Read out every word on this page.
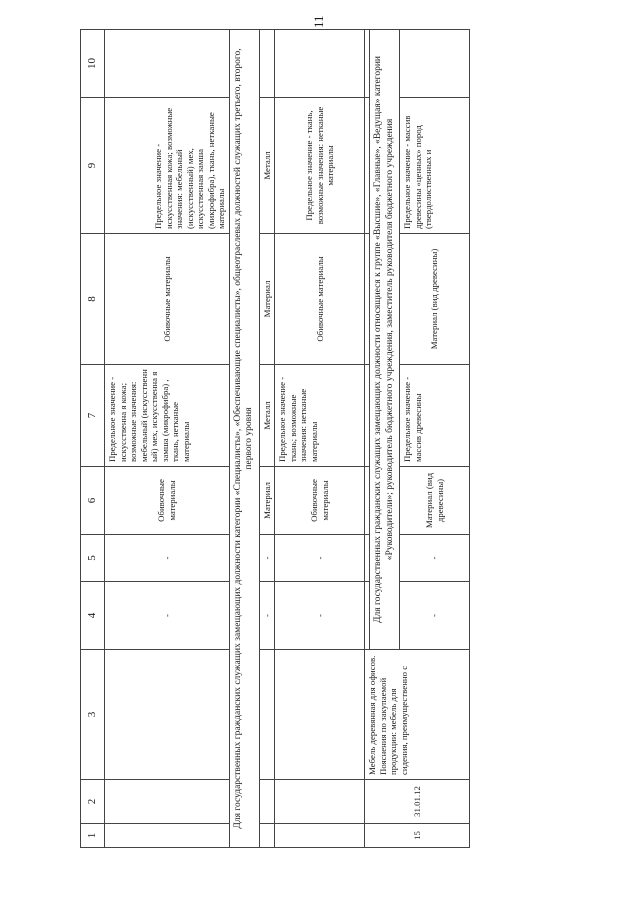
11
1	2	3	4	5	6	7	8	9	10
			-	-	Обивочные материалы	Предельное значение - искусственна я кожа; возможные значения: мебельный (искусственн ый) мех, искусственна я замша (микрофибра) , ткань, нетканые материалы	Обивочные материалы	Предельное значение - искусственная кожа; возможные значения: мебельный (искусственный) мех, искусственная замша (микрофибра), ткань, нетканые материалы	
Для государственных гражданских служащих замещающих должности категории «Специалисты», «Обеспечивающие специалисты», общеотраслевых должностей служащих третьего, второго, первого уровня									
			-	-	Материал	Металл	Материал	Металл	
			-	-	Обивочные материалы	Предельное значение - ткань; возможные значения: нетканые материалы	Обивочные материалы	Предельное значение - ткань, возможные значения: нетканые материалы	
15	31.01.12	Мебель деревянная для офисов. Пояснения по закупаемой продукции: мебель для сидения, преимущественно с							
			Для государственных гражданских служащих замещающих должности относящиеся к группе «Высшие», «Главные», «Ведущая» категории «Руководители»; руководитель бюджетного учреждения, заместитель руководителя бюджетного учреждения						
			-	-	Материал (вид древесины)	Предельное значение - массив древесины	Материал (вид древесины)	Предельное значение - массив древесины «ценных» пород (твердолиственных и	
